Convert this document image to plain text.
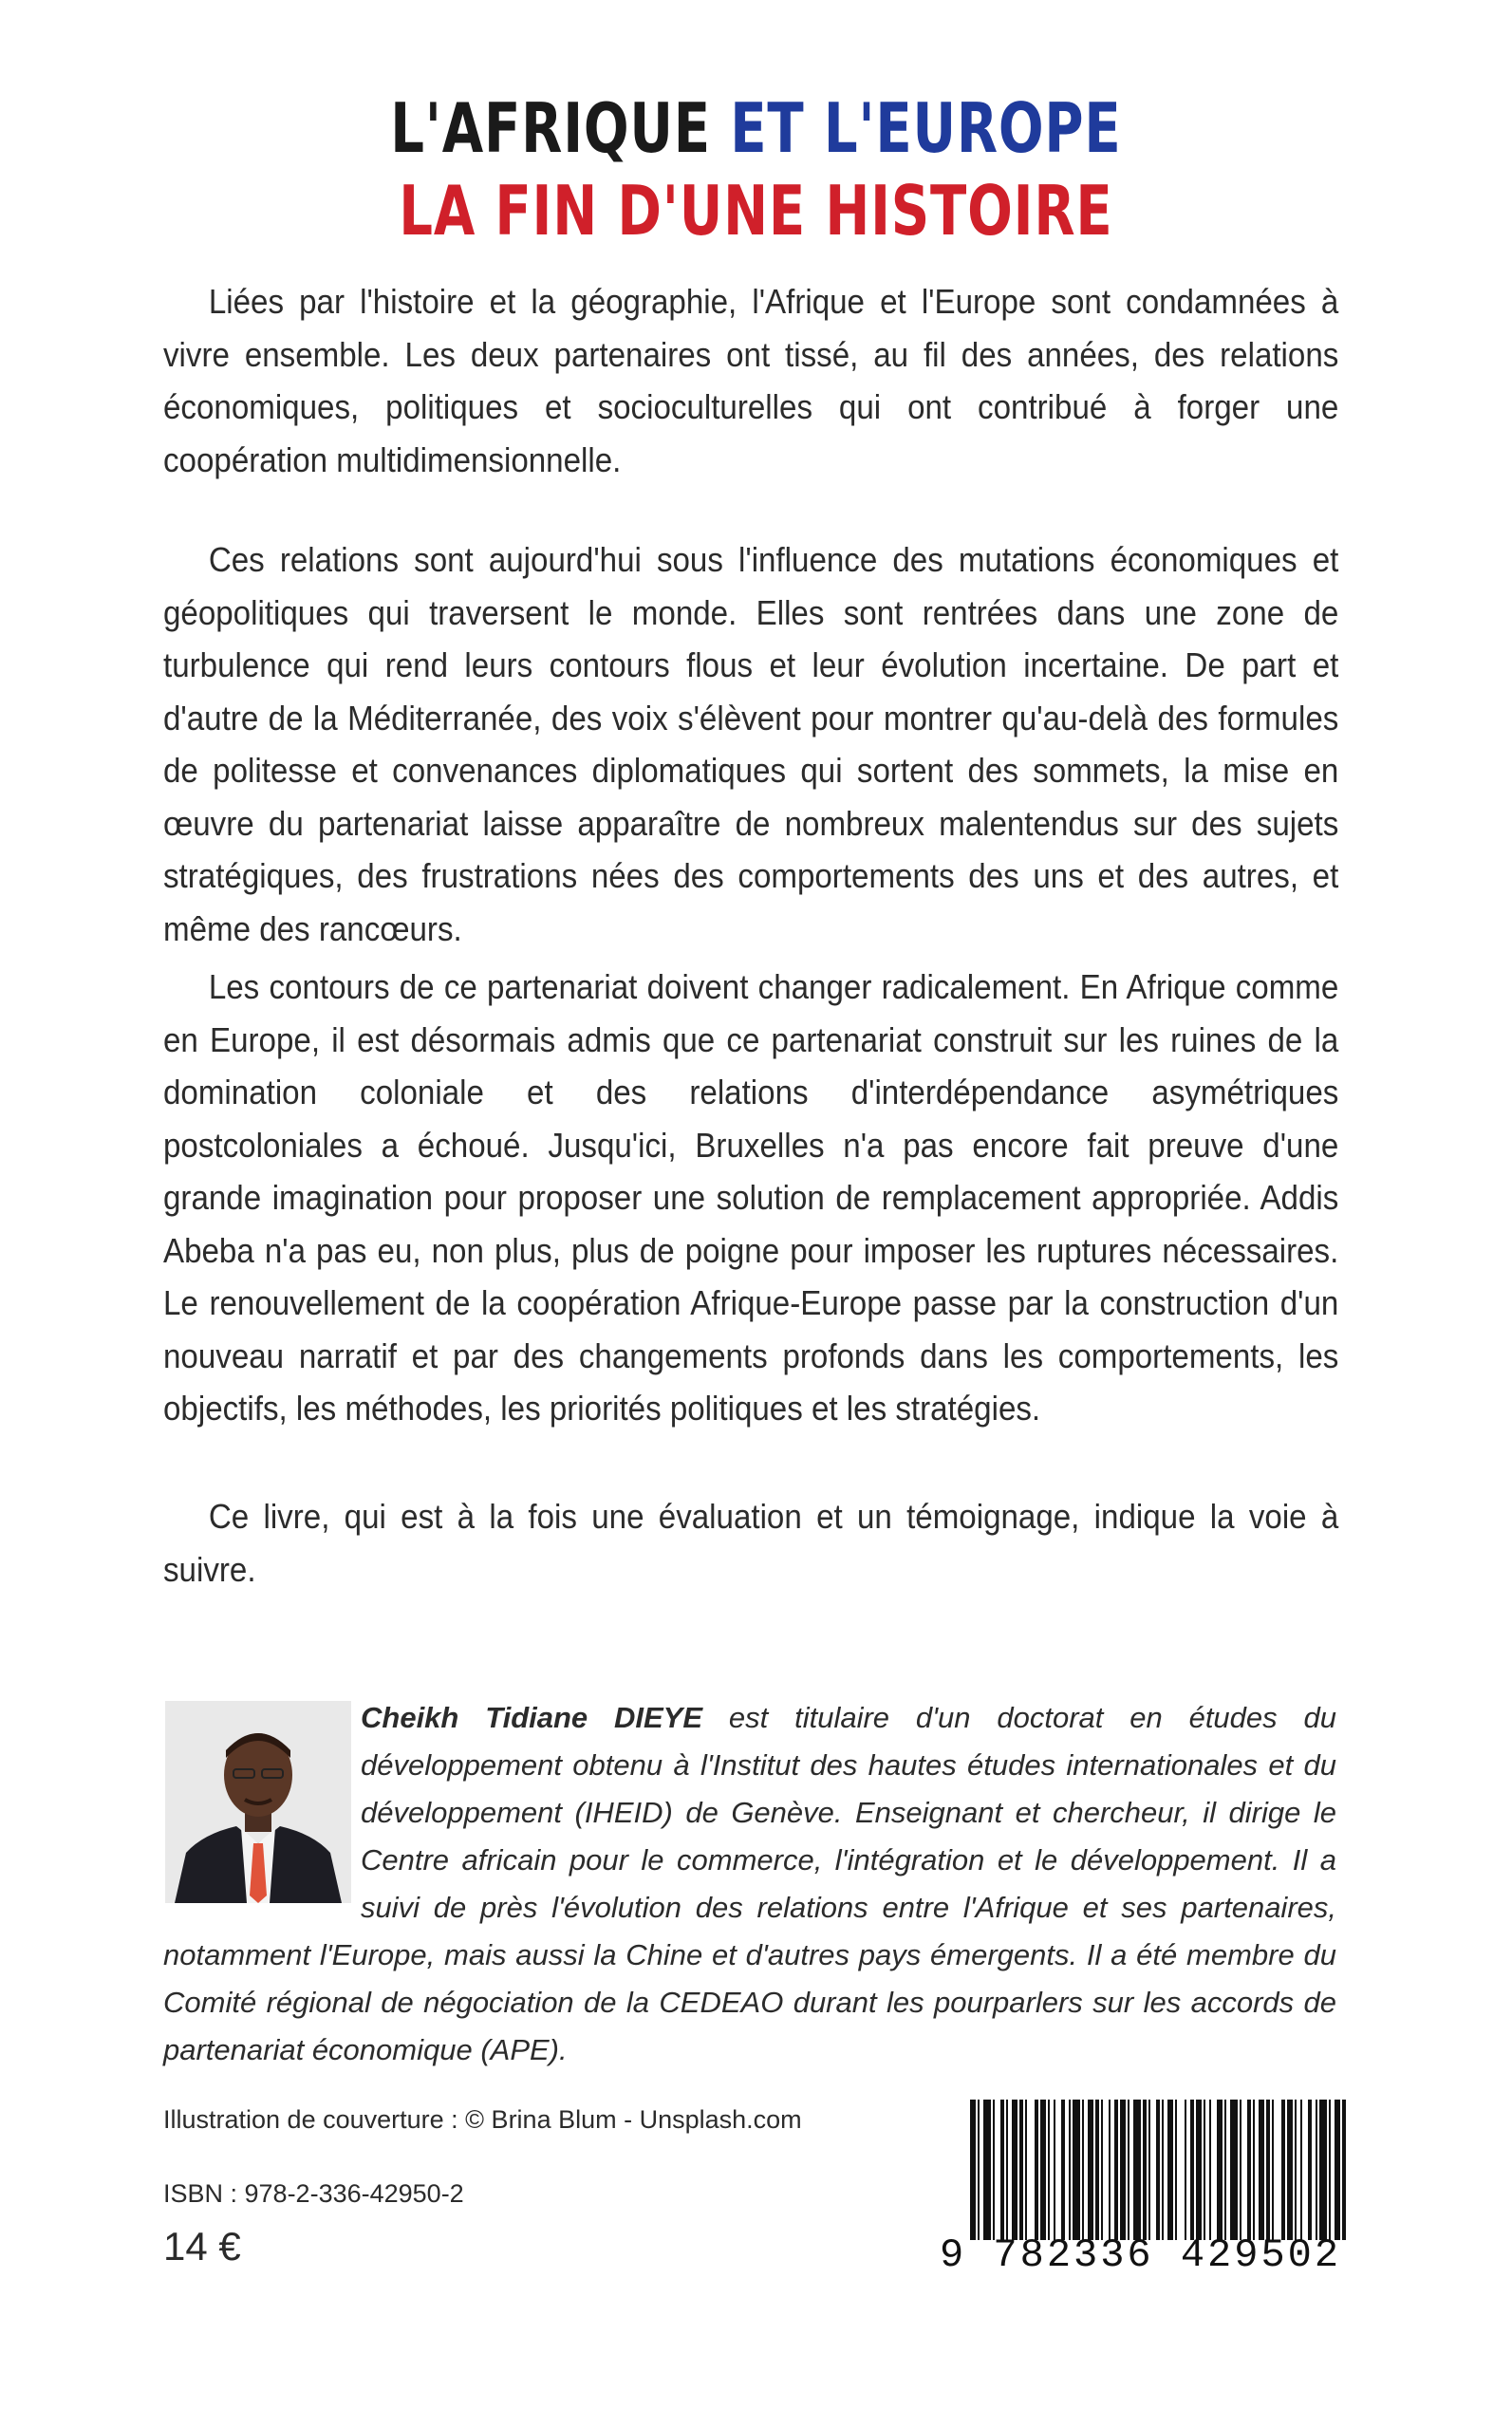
L'AFRIQUE ET L'EUROPE
LA FIN D'UNE HISTOIRE

Liées par l'histoire et la géographie, l'Afrique et l'Europe sont condamnées à vivre ensemble. Les deux partenaires ont tissé, au fil des années, des relations économiques, politiques et socioculturelles qui ont contribué à forger une coopération multidimensionnelle.

Ces relations sont aujourd'hui sous l'influence des mutations économiques et géopolitiques qui traversent le monde. Elles sont rentrées dans une zone de turbulence qui rend leurs contours flous et leur évolution incertaine. De part et d'autre de la Méditerranée, des voix s'élèvent pour montrer qu'au-delà des formules de politesse et convenances diplomatiques qui sortent des sommets, la mise en œuvre du partenariat laisse apparaître de nombreux malentendus sur des sujets stratégiques, des frustrations nées des comportements des uns et des autres, et même des rancœurs.

Les contours de ce partenariat doivent changer radicalement. En Afrique comme en Europe, il est désormais admis que ce partenariat construit sur les ruines de la domination coloniale et des relations d'interdépendance asymétriques postcoloniales a échoué. Jusqu'ici, Bruxelles n'a pas encore fait preuve d'une grande imagination pour proposer une solution de remplacement appropriée. Addis Abeba n'a pas eu, non plus, plus de poigne pour imposer les ruptures nécessaires. Le renouvellement de la coopération Afrique-Europe passe par la construction d'un nouveau narratif et par des changements profonds dans les comportements, les objectifs, les méthodes, les priorités politiques et les stratégies.

Ce livre, qui est à la fois une évaluation et un témoignage, indique la voie à suivre.

Cheikh Tidiane DIEYE est titulaire d'un doctorat en études du développement obtenu à l'Institut des hautes études internationales et du développement (IHEID) de Genève. Enseignant et chercheur, il dirige le Centre africain pour le commerce, l'intégration et le développement. Il a suivi de près l'évolution des relations entre l'Afrique et ses partenaires, notamment l'Europe, mais aussi la Chine et d'autres pays émergents. Il a été membre du Comité régional de négociation de la CEDEAO durant les pourparlers sur les accords de partenariat économique (APE).
Illustration de couverture : © Brina Blum - Unsplash.com
ISBN : 978-2-336-42950-2
14 €	9 782336 429502
